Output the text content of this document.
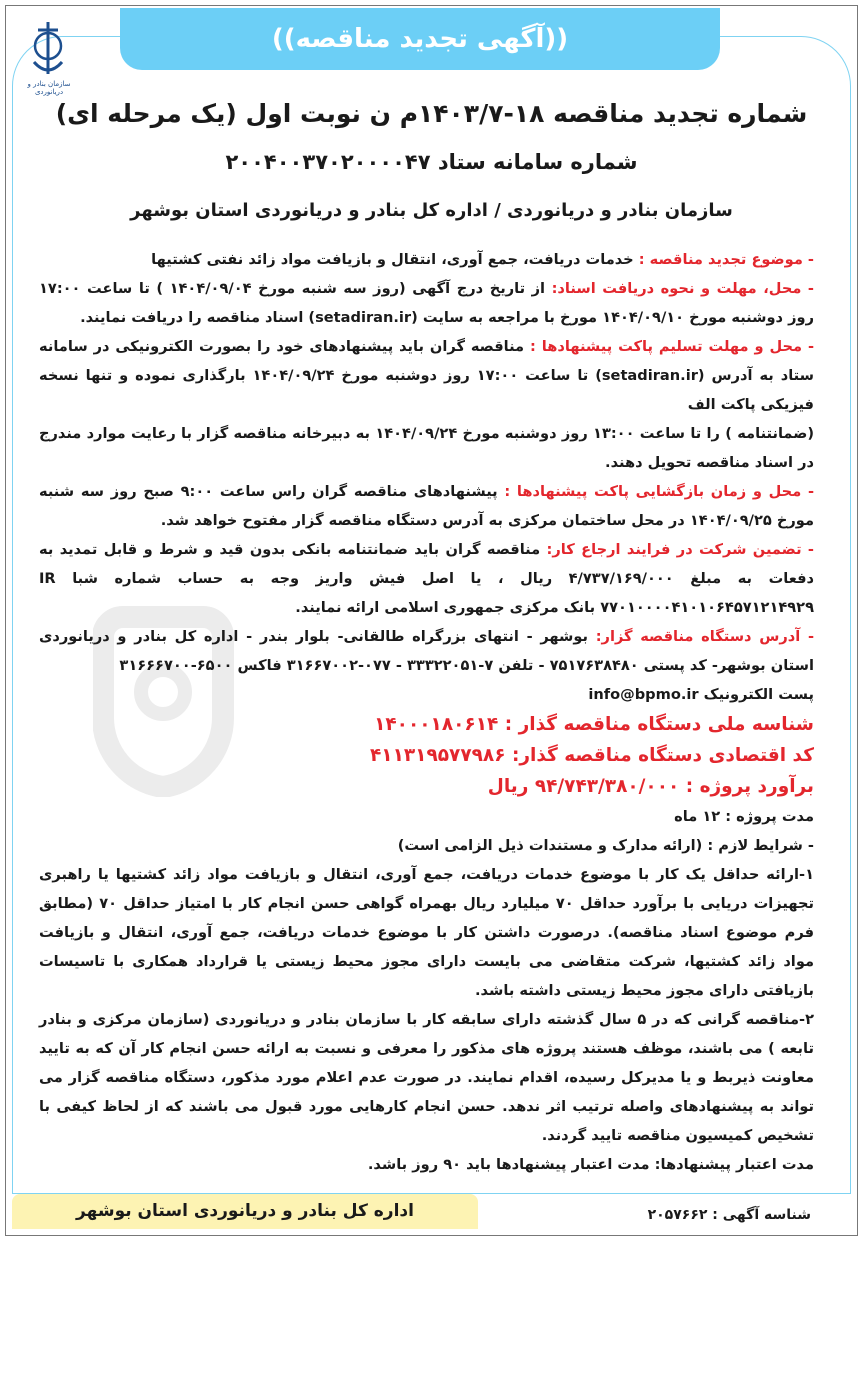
((آگهی تجدید مناقصه))
سازمان بنادر و دریانوردی
شماره تجدید مناقصه ۱۸-۱۴۰۳/۷م ن نوبت اول (یک مرحله ای)
شماره سامانه ستاد ۲۰۰۴۰۰۳۷۰۲۰۰۰۰۴۷
سازمان بنادر و دریانوردی / اداره کل بنادر و دریانوردی استان بوشهر

- موضوع تجدید مناقصه : خدمات دریافت، جمع آوری، انتقال و بازیافت مواد زائد نفتی کشتیها

- محل، مهلت و نحوه دریافت اسناد: از تاریخ درج آگهی (روز سه شنبه مورخ ۱۴۰۴/۰۹/۰۴ ) تا ساعت ۱۷:۰۰ روز دوشنبه مورخ ۱۴۰۴/۰۹/۱۰ مورخ با مراجعه به سایت (setadiran.ir) اسناد مناقصه را دریافت نمایند.

- محل و مهلت تسلیم پاکت پیشنهادها : مناقصه گران باید پیشنهادهای خود را بصورت الکترونیکی در سامانه ستاد به آدرس (setadiran.ir) تا ساعت ۱۷:۰۰ روز دوشنبه مورخ ۱۴۰۴/۰۹/۲۴ بارگذاری نموده و تنها نسخه فیزیکی پاکت الف

(ضمانتنامه ) را تا ساعت ۱۳:۰۰ روز دوشنبه مورخ ۱۴۰۴/۰۹/۲۴ به دبیرخانه مناقصه گزار با رعایت موارد مندرج در اسناد مناقصه تحویل دهند.

- محل و زمان بازگشایی پاکت پیشنهادها : پیشنهادهای مناقصه گران راس ساعت ۹:۰۰ صبح روز سه شنبه مورخ ۱۴۰۴/۰۹/۲۵ در محل ساختمان مرکزی به آدرس دستگاه مناقصه گزار مفتوح خواهد شد.

- تضمین شرکت در فرایند ارجاع کار: مناقصه گران باید ضمانتنامه بانکی بدون قید و شرط و قابل تمدید به دفعات به مبلغ ۴/۷۳۷/۱۶۹/۰۰۰ ریال ، یا اصل فیش واریز وجه به حساب شماره شبا IR ۷۷۰۱۰۰۰۰۴۱۰۱۰۶۴۵۷۱۲۱۴۹۲۹ بانک مرکزی جمهوری اسلامی ارائه نمایند.

- آدرس دستگاه مناقصه گزار: بوشهر - انتهای بزرگراه طالقانی- بلوار بندر - اداره کل بنادر و دریانوردی استان بوشهر- کد پستی ۷۵۱۷۶۳۸۴۸۰ - تلفن ۷-۳۳۳۲۲۰۵۱ - ۰۷۷-۳۱۶۶۷۰۰۲ فاکس ۶۵۰۰-۳۱۶۶۶۷۰۰

پست الکترونیک info@bpmo.ir

شناسه ملی دستگاه مناقصه گذار : ۱۴۰۰۰۱۸۰۶۱۴

کد اقتصادی دستگاه مناقصه گذار: ۴۱۱۳۱۹۵۷۷۹۸۶

برآورد پروژه : ۹۴/۷۴۳/۳۸۰/۰۰۰ ریال

مدت پروژه : ۱۲ ماه

- شرایط لازم : (ارائه مدارک و مستندات ذیل الزامی است)

۱-ارائه حداقل یک کار با موضوع خدمات دریافت، جمع آوری، انتقال و بازیافت مواد زائد کشتیها یا راهبری تجهیزات دریایی با برآورد حداقل ۷۰ میلیارد ریال بهمراه گواهی حسن انجام کار با امتیاز حداقل ۷۰ (مطابق فرم موضوع اسناد مناقصه). درصورت داشتن کار با موضوع خدمات دریافت، جمع آوری، انتقال و بازیافت مواد زائد کشتیها، شرکت متقاضی می بایست دارای مجوز محیط زیستی یا قرارداد همکاری با تاسیسات بازیافتی دارای مجوز محیط زیستی داشته باشد.

۲-مناقصه گرانی که در ۵ سال گذشته دارای سابقه کار با سازمان بنادر و دریانوردی (سازمان مرکزی و بنادر تابعه ) می باشند، موظف هستند پروژه های مذکور را معرفی و نسبت به ارائه حسن انجام کار آن که به تایید معاونت ذیربط و یا مدیرکل رسیده، اقدام نمایند. در صورت عدم اعلام مورد مذکور، دستگاه مناقصه گزار می تواند به پیشنهادهای واصله ترتیب اثر ندهد. حسن انجام کارهایی مورد قبول می باشند که از لحاظ کیفی با تشخیص کمیسیون مناقصه تایید گردند.

مدت اعتبار پیشنهادها: مدت اعتبار پیشنهادها باید ۹۰ روز باشد.

اداره کل بنادر و دریانوردی استان بوشهر	شناسه آگهی : ۲۰۵۷۶۶۲
